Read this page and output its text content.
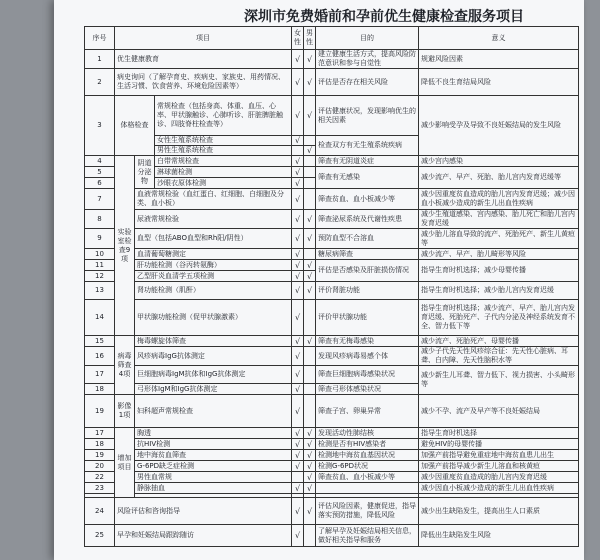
深圳市免费婚前和孕前优生健康检查服务项目
序号	项目			女性	男性	目的	意义
1	优生健康教育			√	√	建立健康生活方式，提高风险防范意识和参与自觉性	规避风险因素
2	病史询问（了解孕育史、疾病史、家族史、用药情况、生活习惯、饮食营养、环境危险因素等）			√	√	评估是否存在相关风险	降低不良生育结局风险
3	体格检查		常规检查（包括身高、体重、血压、心率、甲状腺触诊、心肺听诊、肝脏脾脏触诊、四肢脊柱检查等）	√	√	评估健康状况，发现影响优生的相关因素	减少影响受孕及导致不良妊娠结局的发生风险
			女性生殖系统检查	√		检查双方有无生殖系统疾病	
			男性生殖系统检查		√		
4	实验室检查9项	阴道分泌物	白带常规检查	√		筛查有无阴道炎症	减少宫内感染
5			淋球菌检测	√		筛查有无感染	减少流产、早产、死胎、胎儿宫内发育迟缓等
6			沙眼衣原体检测	√			
7		血液常规检验（血红蛋白、红细胞、白细胞及分类、血小板）		√		筛查贫血、血小板减少等	减少因重度贫血造成的胎儿宫内发育迟缓；减少因血小板减少造成的新生儿出血性疾病
8		尿液常规检验		√	√	筛查泌尿系统及代谢性疾患	减少生殖道感染、宫内感染、胎儿死亡和胎儿宫内发育迟缓
9		血型（包括ABO血型和Rh阳/阴性）		√	√	预防血型不合溶血	减少胎儿溶血导致的流产、死胎死产、新生儿黄疸等
10		血清葡萄糖测定		√		糖尿病筛查	减少流产、早产、胎儿畸形等风险
11		肝功能检测（谷丙转氨酶）		√	√	评估是否感染及肝脏损伤情况	指导生育时机选择；减少母婴传播
12		乙型肝炎血清学五项检测		√	√		
13		肾功能检测（肌酐）		√	√	评价肾脏功能	指导生育时机选择；减少胎儿宫内发育迟缓
14		甲状腺功能检测（促甲状腺激素）		√		评价甲状腺功能	指导生育时机选择；减少流产、早产、胎儿宫内发育迟缓、死胎死产、子代内分泌及神经系统发育不全、智力低下等
15	病毒筛查4项	梅毒螺旋体筛查		√	√	筛查有无梅毒感染	减少流产、死胎死产、母婴传播
16		风疹病毒IgG抗体测定		√		发现风疹病毒易感个体	减少子代先天性风疹综合征：先天性心脏病、耳聋、白内障、先天性脑积水等
17		巨细胞病毒IgM抗体和IgG抗体测定		√		筛查巨细胞病毒感染状况	减少新生儿耳聋、智力低下、视力损害、小头畸形等
18		弓形体IgM和IgG抗体测定		√		筛查弓形体感染状况	
19	影像1项	妇科超声常规检查		√		筛查子宫、卵巢异常	减少不孕、流产及早产等不良妊娠结局
17	增加项目	胸透		√	√	发现活动性肺结核	指导生育时机选择
18		抗HIV检测		√	√	检测是否有HIV感染者	避免HIV的母婴传播
19		地中海贫血筛查		√	√	检测地中海贫血基因状况	加强产前指导避免重症地中海贫血患儿出生
20		G-6PD缺乏症检测		√	√	检测G-6PD状况	加强产前指导减少新生儿溶血和核黄疸
22		男性血常规			√	筛查贫血、血小板减少等	减少因重度贫血造成的胎儿宫内发育迟缓
23		静脉抽血		√	√		减少因血小板减少造成的新生儿出血性疾病

24	风险评估和咨询指导			√	√	评估风险因素，健康促进，指导落实预防措施，降低风险	减少出生缺陷发生，提高出生人口素质
25	早孕和妊娠结局跟踪随访			√		了解早孕及妊娠结局相关信息，做好相关指导和服务	降低出生缺陷发生风险
